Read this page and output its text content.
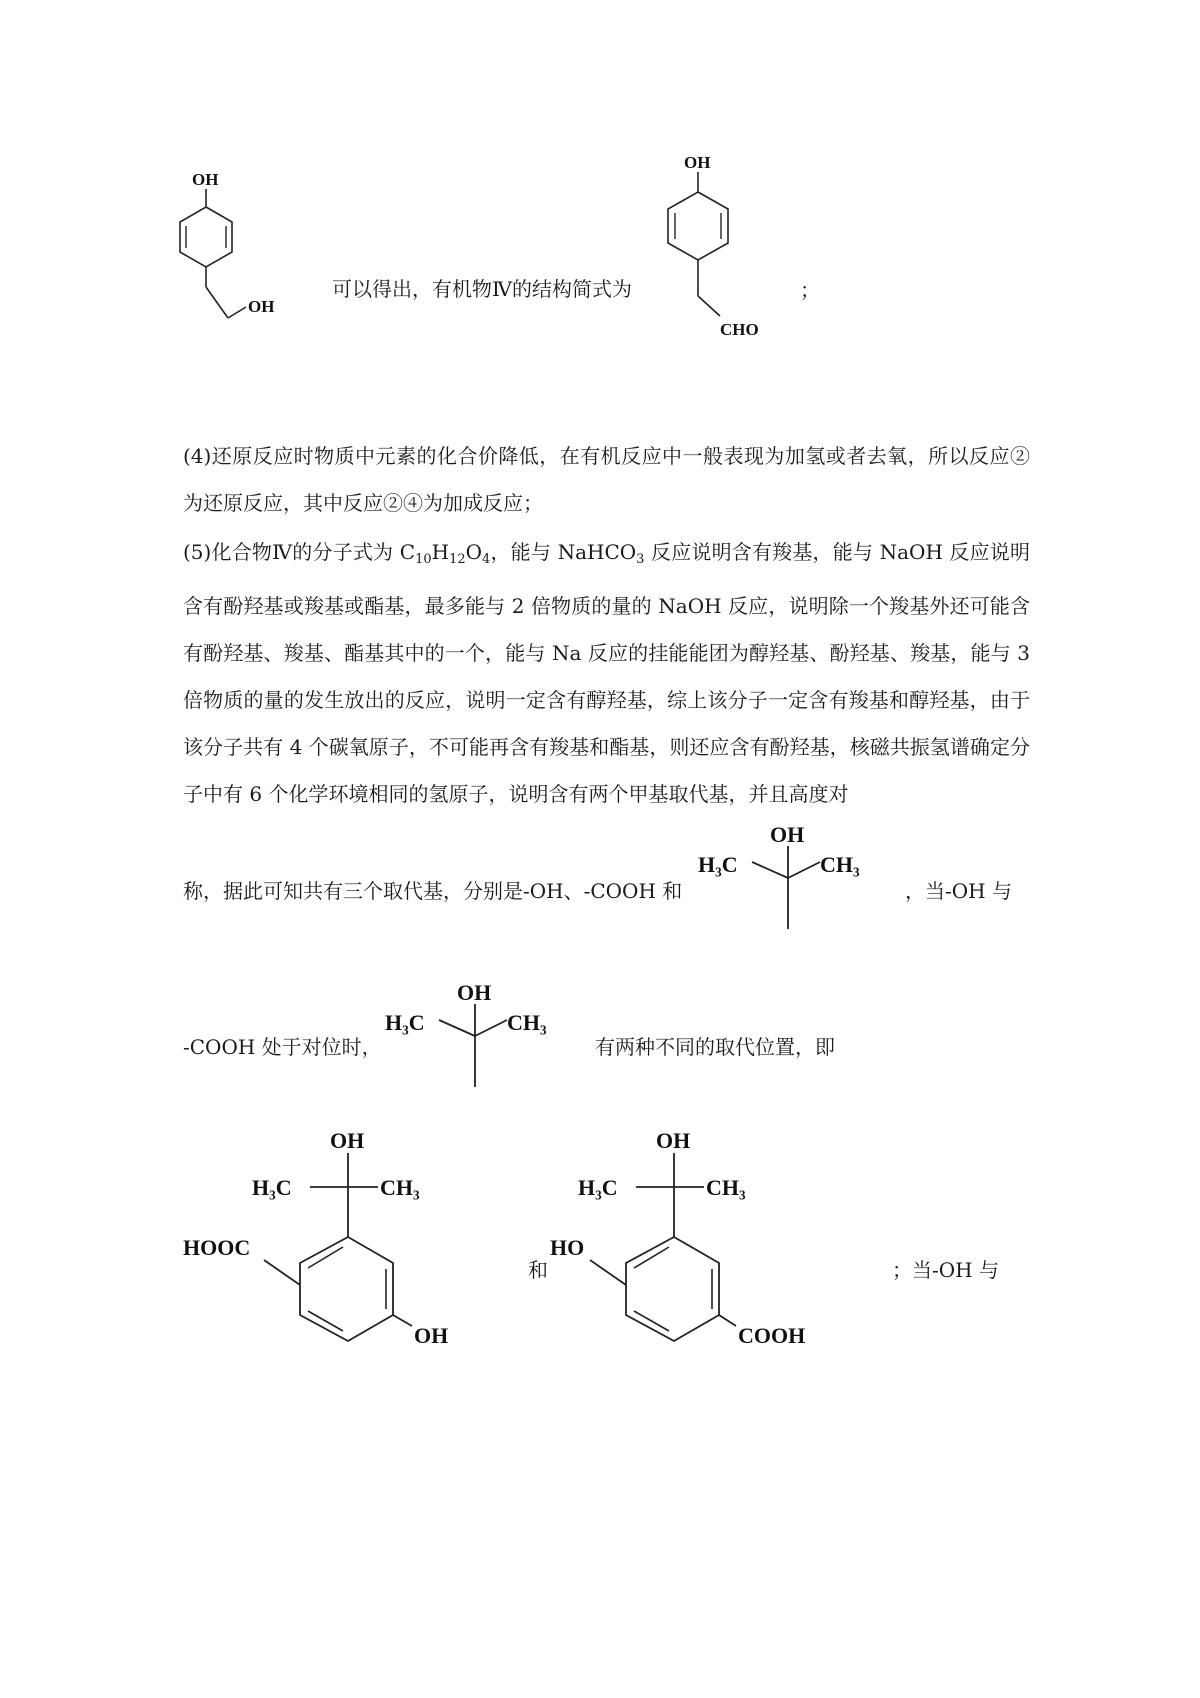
OH
OH
可以得出，有机物Ⅳ的结构简式为
OH
CHO
；
(4)还原反应时物质中元素的化合价降低，在有机反应中一般表现为加氢或者去氧，所以反应②为还原反应，其中反应②④为加成反应；
(5)化合物Ⅳ的分子式为 $C_{10}H_{12}O_4$，能与 NaHCO$_3$ 反应说明含有羧基，能与 NaOH 反应说明含有酚羟基或羧基或酯基，最多能与 2 倍物质的量的 NaOH 反应，说明除一个羧基外还可能含有酚羟基、羧基、酯基其中的一个，能与 Na 反应的挂能能团为醇羟基、酚羟基、羧基，能与 3 倍物质的量的发生放出的反应，说明一定含有醇羟基，综上该分子一定含有羧基和醇羟基，由于该分子共有 4 个碳氧原子，不可能再含有羧基和酯基，则还应含有酚羟基，核磁共振氢谱确定分子中有 6 个化学环境相同的氢原子，说明含有两个甲基取代基，并且高度对
称，据此可知共有三个取代基，分别是-OH、-COOH 和
OH
H₃C	CH₃
，当-OH 与
-COOH 处于对位时，
OH
H₃C	CH₃
有两种不同的取代位置，即
OH
H₃C	CH₃
HOOC
OH
和
OH
H₃C	CH₃
HO
COOH
；当-OH 与
